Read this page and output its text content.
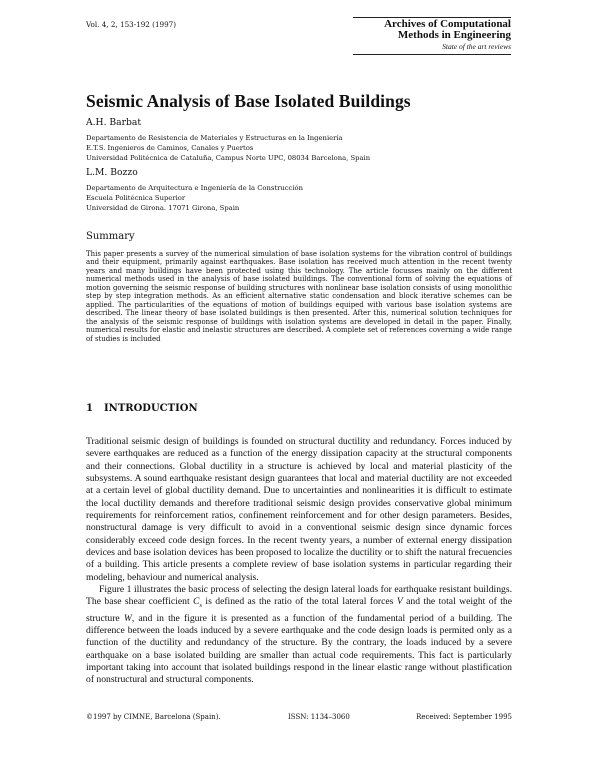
Vol. 4, 2, 153-192 (1997)	Archives of Computational
Methods in Engineering
State of the art reviews
Seismic Analysis of Base Isolated Buildings
A.H. Barbat
Departamento de Resistencia de Materiales y Estructuras en la Ingeniería
E.T.S. Ingenieros de Caminos, Canales y Puertos
Universidad Politécnica de Cataluña, Campus Norte UPC, 08034 Barcelona, Spain
L.M. Bozzo
Departamento de Arquitectura e Ingeniería de la Construcción
Escuela Politécnica Superior
Universidad de Girona. 17071 Girona, Spain
Summary
This paper presents a survey of the numerical simulation of base isolation systems for the vibration control of buildings and their equipment, primarily against earthquakes. Base isolation has received much attention in the recent twenty years and many buildings have been protected using this technology. The article focusses mainly on the different numerical methods used in the analysis of base isolated buildings. The conventional form of solving the equations of motion governing the seismic response of building structures with nonlinear base isolation consists of using monolithic step by step integration methods. As an efficient alternative static condensation and block iterative schemes can be applied. The particularities of the equations of motion of buildings equiped with various base isolation systems are described. The linear theory of base isolated buildings is then presented. After this, numerical solution techniques for the analysis of the seismic response of buildings with isolation systems are developed in detail in the paper. Finally, numerical results for elastic and inelastic structures are described. A complete set of references coverning a wide range of studies is included
1 INTRODUCTION

Traditional seismic design of buildings is founded on structural ductility and redundancy. Forces induced by severe earthquakes are reduced as a function of the energy dissipation capacity at the structural components and their connections. Global ductility in a structure is achieved by local and material plasticity of the subsystems. A sound earthquake resistant design guarantees that local and material ductility are not exceeded at a certain level of global ductility demand. Due to uncertainties and nonlinearities it is difficult to estimate the local ductility demands and therefore traditional seismic design provides conservative global minimum requirements for reinforcement ratios, confinement reinforcement and for other design parameters. Besides, nonstructural damage is very difficult to avoid in a conventional seismic design since dynamic forces considerably exceed code design forces. In the recent twenty years, a number of external energy dissipation devices and base isolation devices has been proposed to localize the ductility or to shift the natural frecuencies of a building. This article presents a complete review of base isolation systems in particular regarding their modeling, behaviour and numerical analysis.

Figure 1 illustrates the basic process of selecting the design lateral loads for earthquake resistant buildings. The base shear coefficient $C_s$ is defined as the ratio of the total lateral forces V and the total weight of the structure W, and in the figure it is presented as a function of the fundamental period of a building. The difference between the loads induced by a severe earthquake and the code design loads is permited only as a function of the ductility and redundancy of the structure. By the contrary, the loads induced by a severe earthquake on a base isolated building are smaller than actual code requirements. This fact is particularly important taking into account that isolated buildings respond in the linear elastic range without plastification of nonstructural and structural components.

©1997 by CIMNE, Barcelona (Spain).	ISSN: 1134–3060	Received: September 1995
